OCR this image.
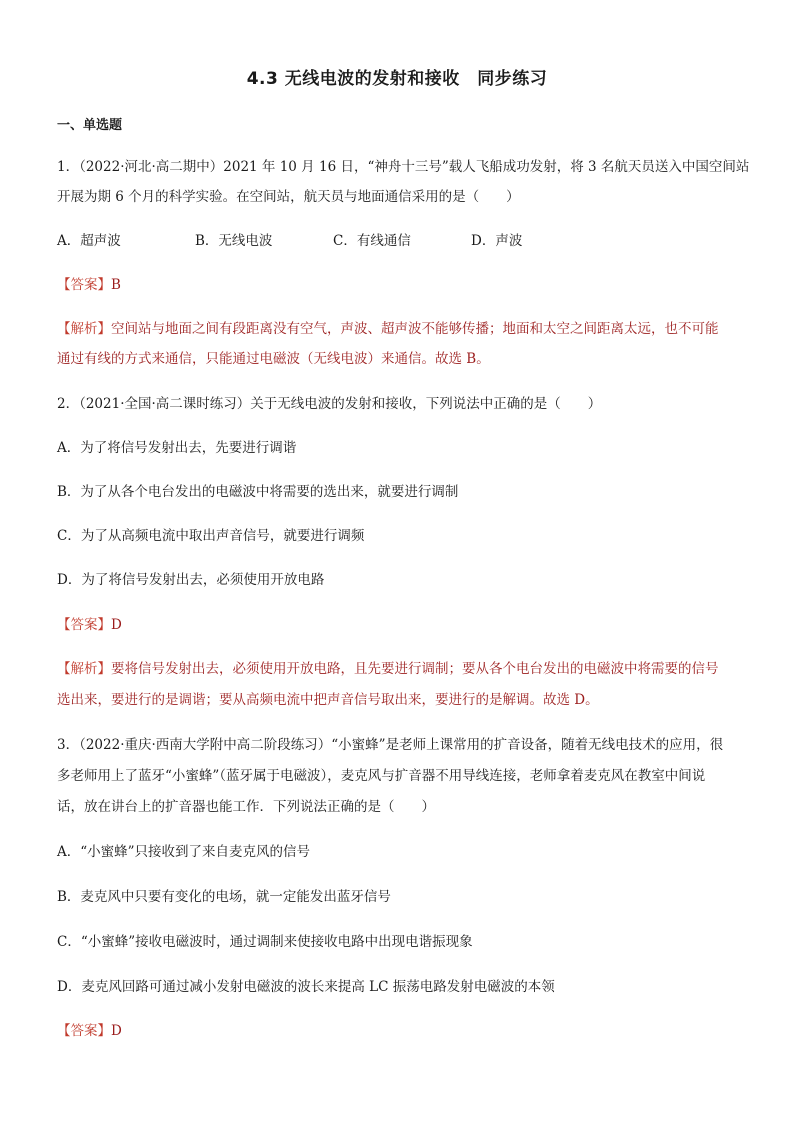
4.3 无线电波的发射和接收　同步练习
一、单选题
1．（2022·河北·高二期中）2021 年 10 月 16 日，“神舟十三号”载人飞船成功发射，将 3 名航天员送入中国空间站
开展为期 6 个月的科学实验。在空间站，航天员与地面通信采用的是（　　）
A．超声波	B．无线电波	C．有线通信	D．声波
【答案】B
【解析】空间站与地面之间有段距离没有空气，声波、超声波不能够传播；地面和太空之间距离太远，也不可能
通过有线的方式来通信，只能通过电磁波（无线电波）来通信。故选 B。
2．（2021·全国·高二课时练习）关于无线电波的发射和接收，下列说法中正确的是（　　）
A．为了将信号发射出去，先要进行调谐
B．为了从各个电台发出的电磁波中将需要的选出来，就要进行调制
C．为了从高频电流中取出声音信号，就要进行调频
D．为了将信号发射出去，必须使用开放电路
【答案】D
【解析】要将信号发射出去，必须使用开放电路，且先要进行调制；要从各个电台发出的电磁波中将需要的信号
选出来，要进行的是调谐；要从高频电流中把声音信号取出来，要进行的是解调。故选 D。
3．（2022·重庆·西南大学附中高二阶段练习）“小蜜蜂”是老师上课常用的扩音设备，随着无线电技术的应用，很
多老师用上了蓝牙“小蜜蜂”（蓝牙属于电磁波），麦克风与扩音器不用导线连接，老师拿着麦克风在教室中间说
话，放在讲台上的扩音器也能工作．下列说法正确的是（　　）
A．“小蜜蜂”只接收到了来自麦克风的信号
B．麦克风中只要有变化的电场，就一定能发出蓝牙信号
C．“小蜜蜂”接收电磁波时，通过调制来使接收电路中出现电谐振现象
D．麦克风回路可通过减小发射电磁波的波长来提高 LC 振荡电路发射电磁波的本领
【答案】D
